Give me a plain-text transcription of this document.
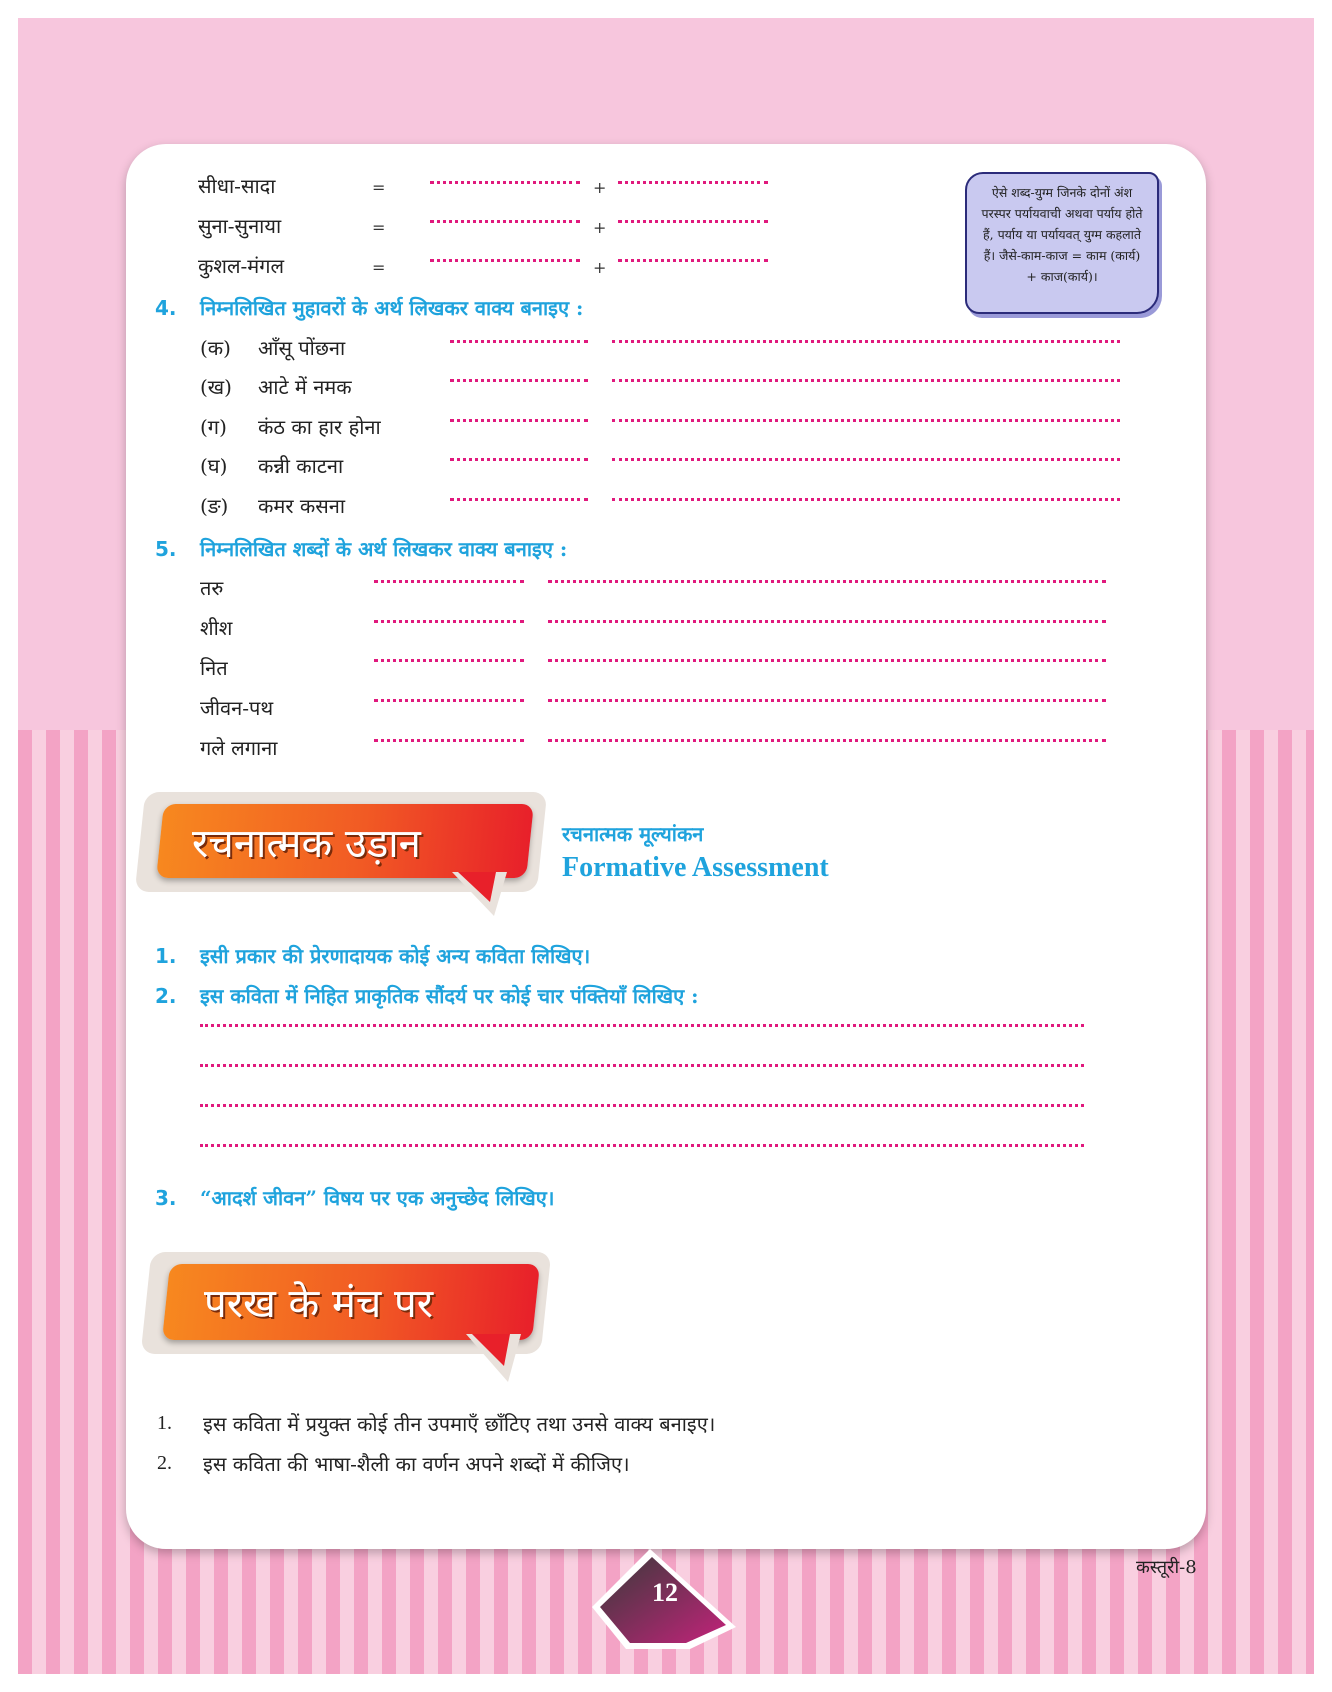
सीधा-सादा	=	+
सुना-सुनाया	=	+
कुशल-मंगल	=	+
ऐसे शब्द-युग्म जिनके दोनों अंश परस्पर पर्यायवाची अथवा पर्याय होते हैं, पर्याय या पर्यायवत् युग्म कहलाते हैं। जैसे-काम-काज = काम (कार्य) + काज(कार्य)।
4. निम्नलिखित मुहावरों के अर्थ लिखकर वाक्य बनाइए :
(क) आँसू पोंछना
(ख) आटे में नमक
(ग) कंठ का हार होना
(घ) कन्नी काटना
(ङ) कमर कसना
5. निम्नलिखित शब्दों के अर्थ लिखकर वाक्य बनाइए :
तरु
शीश
नित
जीवन-पथ
गले लगाना
रचनात्मक उड़ान	रचनात्मक मूल्यांकन
Formative Assessment
1. इसी प्रकार की प्रेरणादायक कोई अन्य कविता लिखिए।
2. इस कविता में निहित प्राकृतिक सौंदर्य पर कोई चार पंक्तियाँ लिखिए :
3. “आदर्श जीवन” विषय पर एक अनुच्छेद लिखिए।
परख के मंच पर
1. इस कविता में प्रयुक्त कोई तीन उपमाएँ छाँटिए तथा उनसे वाक्य बनाइए।
2. इस कविता की भाषा-शैली का वर्णन अपने शब्दों में कीजिए।
12
कस्तूरी-8
